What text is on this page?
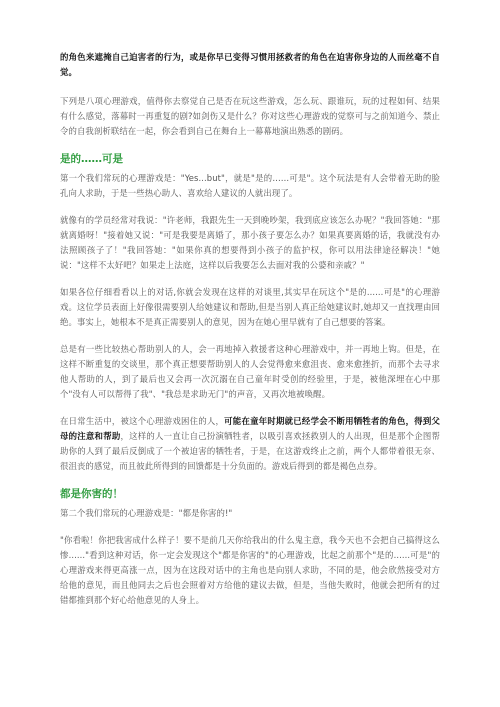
的角色来遮掩自己迫害者的行为，或是你早已变得习惯用拯救者的角色在迫害你身边的人而丝毫不自觉。

下列是八项心理游戏，值得你去察觉自己是否在玩这些游戏，怎么玩、跟谁玩，玩的过程如何、结果有什么感觉，落幕时一再重复的剧?如剑伤又是什么？你对这些心理游戏的觉察可与之前知道今、禁止令的自我剖析联结在一起，你会看到自己在舞台上一幕幕地演出熟悉的剧码。

是的……可是

第一个我们常玩的心理游戏是："Yes...but"，就是"是的……可是"。这个玩法是有人会带着无助的脸孔向人求助，于是一些热心助人、喜欢给人建议的人就出现了。

就像有的学员经常对我说："许老师，我跟先生一天到晚吵架，我到底应该怎么办呢？"我回答她："那就离婚呀！"接着她又说："可是我要是离婚了，那小孩子要怎么办？如果真要离婚的话，我就没有办法照顾孩子了！"我回答她："如果你真的想要得到小孩子的监护权，你可以用法律途径解决！"她说："这样不太好吧？如果走上法庭，这样以后我要怎么去面对我的公婆和亲戚？"

如果各位仔细看看以上的对话,你就会发现在这样的对谈里,其实早在玩这个"是的......可是"的心理游戏。这位学员表面上好像很需要别人给她建议和帮助,但是当别人真正给她建议时,她却又一直找理由回绝。事实上，她根本不是真正需要别人的意见，因为在她心里早就有了自己想要的答案。

总是有一些比较热心帮助别人的人，会一再地掉入救援者这种心理游戏中，并一再地上钩。但是，在这样不断重复的交谈里，那个真正想要帮助别人的人会觉得愈来愈沮丧、愈来愈挫折，而那个去寻求他人帮助的人，到了最后也又会再一次沉溺在自己童年时受创的经验里，于是，被他深埋在心中那个"没有人可以帮得了我"、"我总是求助无门"的声音，又再次地被唤醒。

在日常生活中，被这个心理游戏困住的人，可能在童年时期就已经学会不断用牺牲者的角色，得到父母的注意和帮助，这样的人一直让自己扮演牺牲者，以吸引喜欢拯救别人的人出现，但是那个企图帮助你的人到了最后反倒成了一个被迫害的牺牲者，于是，在这游戏终止之前，两个人都带着很无奈、很沮丧的感觉，而且彼此所得到的回馈都是十分负面的。游戏后得到的都是褐色点券。

都是你害的！

第二个我们常玩的心理游戏是："都是你害的!"

"你看啦！你把我害成什么样子！要不是前几天你给我出的什么鬼主意，我今天也不会把自己搞得这么惨......"看到这种对话，你一定会发现这个"都是你害的"的心理游戏，比起之前那个"是的......可是"的心理游戏来得更高涨一点，因为在这段对话中的主角也是向别人求助，不同的是，他会欣然接受对方给他的意见，而且他同去之后也会照着对方给他的建议去做，但是，当他失败时，他就会把所有的过错都推到那个好心给他意见的人身上。
